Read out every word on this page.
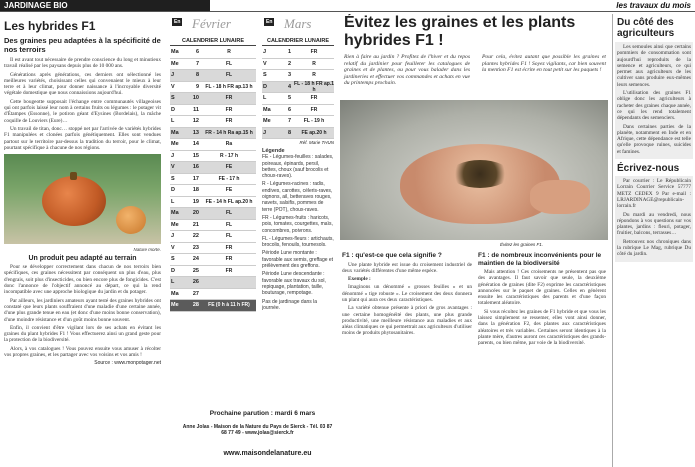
JARDINAGE BIO	les travaux du mois
Les hybrides F1
Des graines peu adaptées à la spécificité de nos terroirs

Il est avant tout nécessaire de prendre conscience du long et minutieux travail réalisé par les paysans depuis plus de 10 000 ans.

Générations après générations, ces derniers ont sélectionné les meilleures variétés, choisissant celles qui convenaient le mieux à leur terre et à leur climat, pour donner naissance à l'incroyable diversité végétale domestique que nous connaissions aujourd'hui.

Cette bougeotte supposait l'échange entre communautés villageoises qui ont parfois laissé leur nom à certains fruits ou légumes : le potager vit d'Étampes (Essonne), le potiron géant d'Eysines (Bordelais), la mâche coquille de Louviers (Eure)…

Un travail de titan, donc… stoppé net par l'arrivée de variétés hybrides F1 manipulées et clonées parfois génétiquement. Elles sont vendues partout sur le territoire par-dessus la tradition du terroir, pour le climat, pourtant spécifique à chacune de nos régions.

Nature morte.
Un produit peu adapté au terrain

Pour se développer correctement dans chacun de nos terroirs bien spécifiques, ces graines nécessitent par conséquent un plus d'eau, plus d'engrais, soit plus d'insecticides, ou bien encore plus de fongicides. C'est donc l'annonce de l'objectif annoncé au départ, ce qui la rend incompatible avec une approche biologique du jardin et du potager.

Par ailleurs, les jardiniers amateurs ayant testé des graines hybrides ont constaté que leurs plants souffraient d'une maladie d'une certaine année, d'une plus grande tenue en eau (et donc d'une moins bonne conservation), d'une moindre résistance et d'un goût moins bonne souvent.

Enfin, il convient d'être vigilant lors de ses achats en évitant les graines du plant hybrides F1 ! Vous effectuerez ainsi un grand geste pour la protection de la biodiversité.

Alors, à vos catalogues ! Vous pouvez ensuite vous amuser à récolter vos propres graines, et les partager avec vos voisins et vos amis !

Source : www.monpotager.net
En Février
CALENDRIER LUNAIRE
Ma	6	R
Me	7	FL
J	8	FL
V	9	FL - 18 h FR ap.13 h
S	10	FR
D	11	FR
L	12	FR
Ma	13	FR - 14 h Ra ap.15 h
Me	14	Ra
J	15	R - 17 h
V	16	FE
S	17	FE - 17 h
D	18	FE
L	19	FE - 14 h FL ap.20 h
Ma	20	FL
Me	21	FL
J	22	FL
V	23	FR
S	24	FR
D	25	FR
L	26
Ma	27
Me	28	FE (0 h à 11 h FR)
En Mars
CALENDRIER LUNAIRE
J	1	FR
V	2	R
S	3	R
D	4 FL - 18 h FR ap.1 h
L	5	FR
Ma	6	FR
Me	7	FL - 19 h
J	8	FE ap.20 h
Réf. Marie THUN
Légende
FE - Légumes-feuilles : salades, poireaux, épinards, persil, bettes, choux (sauf brocolis et choux-raves).
R - Légumes-racines : radis, endives, carottes, céleris-raves, oignons, ail, betteraves rouges, navets, salsifis, pommes de terre (POT), choux-raves.
FR - Légumes-fruits : haricots, pois, tomates, courgettes, maïs, concombres, poivrons.
FL - Légumes-fleurs : artichauts, brocolis, fenouils, tournesols.
Période Lune montante : favorable aux semis, greffage et prélèvement des greffons.
Période Lune descendante : favorable aux travaux du sol, repiquage, plantation, taille, bouturage, rempotage.
Pas de jardinage dans la journée.
Prochaine parution : mardi 6 mars
Anne Jolas - Maison de la Nature du Pays de Sierck - Tél. 03 87 68 77 49 - www.jolas@sierck.fr
www.maisondelanature.eu
Évitez les graines et les plants hybrides F1 !

Rien à faire au jardin ? Profitez de l'hiver et du repos relatif du jardinier pour feuilleter les catalogues de graines et de plantes, ou pour vous balader dans les jardineries et effectuer vos commandes et achats en vue du printemps prochain.

Pour cela, évitez autant que possible les graines et plantes hybrides F1 ! Soyez vigilants, car bien souvent la mention F1 est écrite en tout petit sur les paquets !

Évitez les graines F1.
F1 : qu'est-ce que cela signifie ?

Une plante hybride est issue du croisement industriel de deux variétés différentes d'une même espèce.

Exemple :

Imaginons un dénommé « grosses feuilles » et un dénommé « tige robuste ». Le croisement des deux donnera un plant qui aura ces deux caractéristiques.

La variété obtenue présente à priori de gros avantages : une certaine homogénéité des plants, une plus grande productivité, une meilleure résistance aux maladies et aux aléas climatiques ce qui permettrait aux agriculteurs d'utiliser moins de produits phytosanitaires.

F1 : de nombreux inconvénients pour le maintien de la biodiversité

Mais attention ! Ces croisements ne présentent pas que des avantages. Il faut savoir que seule, la deuxième génération de graines (dite F2) exprime les caractéristiques annoncées sur le paquet de graines. Celles en génèrent ensuite les caractéristiques des parents et d'une façon totalement aléatoire.

Si vous récoltez les graines de F1 hybride et que vous les laissez simplement se ressemer, elles vont ainsi donner, dans la génération F2, des plantes aux caractéristiques aléatoires et très variables. Certaines seront identiques à la plante mère, d'autres auront ces caractéristiques des grands-parents, ou bien même, par voie de la biodiversité.

Du côté des agriculteurs

Les semoules ainsi que certains pommiers de consommation sont aujourd'hui reproduits de la semence et agriculteurs, ce qui permet aux agriculteurs de les cultiver sans produire eux-mêmes leurs semences.

L'utilisation des graines F1 oblige donc les agriculteurs à racheter des graines chaque année, ce qui les rend totalement dépendants des semenciers.

Dans certaines parties de la planète, notamment en Inde et en Afrique, cette dépendance est telle qu'elle provoque ruines, suicides et famines.

Écrivez-nous

Par courrier : Le Républicain Lorrain Courrier Service 57777 METZ CEDEX 9 Par e-mail : LRJARDINAGE@republicain-lorrain.fr

Du mardi au vendredi, nous répondons à vos questions sur vos plantes, jardins : fleuri, potager, fruitier, balcons, terrasses…

Retrouvez nos chroniques dans la rubrique Le Mag, rubrique Du côté du jardin.
